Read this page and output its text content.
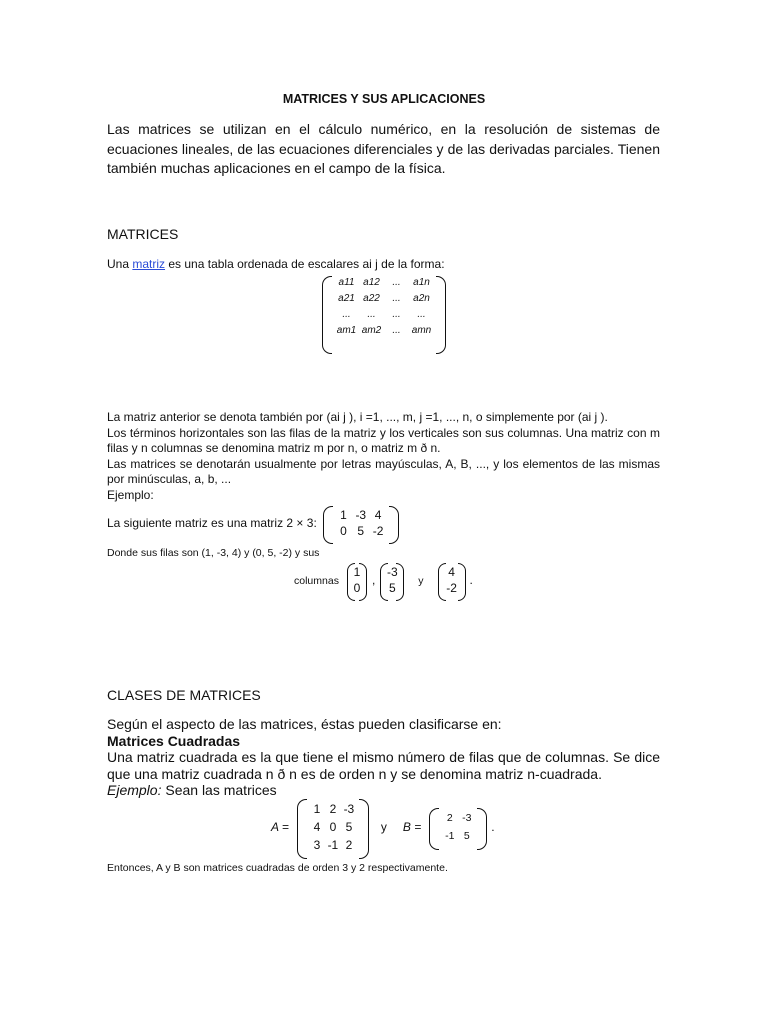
MATRICES Y SUS APLICACIONES
Las matrices se utilizan en el cálculo numérico, en la resolución de sistemas de ecuaciones lineales, de las ecuaciones diferenciales y de las derivadas parciales. Tienen también muchas aplicaciones en el campo de la física.
MATRICES
Una matriz es una tabla ordenada de escalares ai j de la forma:
a11 a12	...	a1n
a21 a22	...	a2n
...	...	...	...
am1 am2	...	amn
La matriz anterior se denota también por (ai j ), i =1, ..., m, j =1, ..., n, o simplemente por (ai j ).
Los términos horizontales son las filas de la matriz y los verticales son sus columnas. Una matriz con m filas y n columnas se denomina matriz m por n, o matriz m ð n.
Las matrices se denotarán usualmente por letras mayúsculas, A, B, ..., y los elementos de las mismas por minúsculas, a, b, ...
Ejemplo:
La siguiente matriz es una matriz 2 × 3:
1 -3 4
0 5 -2
Donde sus filas son (1, -3, 4) y (0, 5, -2) y sus
columnas
1
0
,
-3
5	y
4
-2
.
CLASES DE MATRICES
Según el aspecto de las matrices, éstas pueden clasificarse en:
Matrices Cuadradas
Una matriz cuadrada es la que tiene el mismo número de filas que de columnas. Se dice que una matriz cuadrada n ð n es de orden n y se denomina matriz n-cuadrada.
Ejemplo: Sean las matrices
A =
1 2 -3
4 0 5
3 -1 2
y B =
2 -3
-1 5
.
Entonces, A y B son matrices cuadradas de orden 3 y 2 respectivamente.
